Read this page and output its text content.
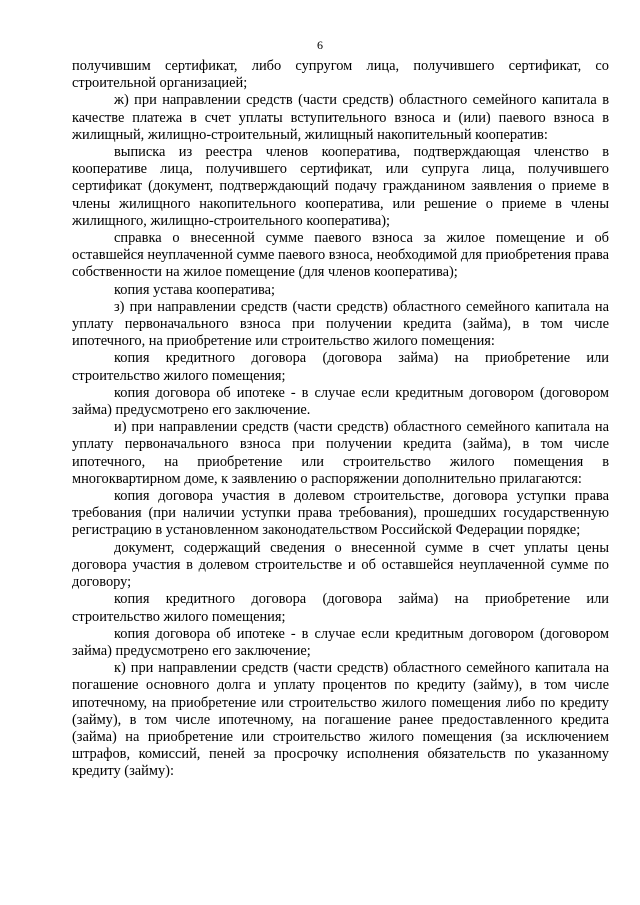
6

получившим сертификат, либо супругом лица, получившего сертификат, со строительной организацией;

ж) при направлении средств (части средств) областного семейного капитала в качестве платежа в счет уплаты вступительного взноса и (или) паевого взноса в жилищный, жилищно-строительный, жилищный накопительный кооператив:

выписка из реестра членов кооператива, подтверждающая членство в кооперативе лица, получившего сертификат, или супруга лица, получившего сертификат (документ, подтверждающий подачу гражданином заявления о приеме в члены жилищного накопительного кооператива, или решение о приеме в члены жилищного, жилищно-строительного кооператива);

справка о внесенной сумме паевого взноса за жилое помещение и об оставшейся неуплаченной сумме паевого взноса, необходимой для приобретения права собственности на жилое помещение (для членов кооператива);

копия устава кооператива;

з) при направлении средств (части средств) областного семейного капитала на уплату первоначального взноса при получении кредита (займа), в том числе ипотечного, на приобретение или строительство жилого помещения:

копия кредитного договора (договора займа) на приобретение или строительство жилого помещения;

копия договора об ипотеке - в случае если кредитным договором (договором займа) предусмотрено его заключение.

и) при направлении средств (части средств) областного семейного капитала на уплату первоначального взноса при получении кредита (займа), в том числе ипотечного, на приобретение или строительство жилого помещения в многоквартирном доме, к заявлению о распоряжении дополнительно прилагаются:

копия договора участия в долевом строительстве, договора уступки права требования (при наличии уступки права требования), прошедших государственную регистрацию в установленном законодательством Российской Федерации порядке;

документ, содержащий сведения о внесенной сумме в счет уплаты цены договора участия в долевом строительстве и об оставшейся неуплаченной сумме по договору;

копия кредитного договора (договора займа) на приобретение или строительство жилого помещения;

копия договора об ипотеке - в случае если кредитным договором (договором займа) предусмотрено его заключение;

к) при направлении средств (части средств) областного семейного капитала на погашение основного долга и уплату процентов по кредиту (займу), в том числе ипотечному, на приобретение или строительство жилого помещения либо по кредиту (займу), в том числе ипотечному, на погашение ранее предоставленного кредита (займа) на приобретение или строительство жилого помещения (за исключением штрафов, комиссий, пеней за просрочку исполнения обязательств по указанному кредиту (займу):
